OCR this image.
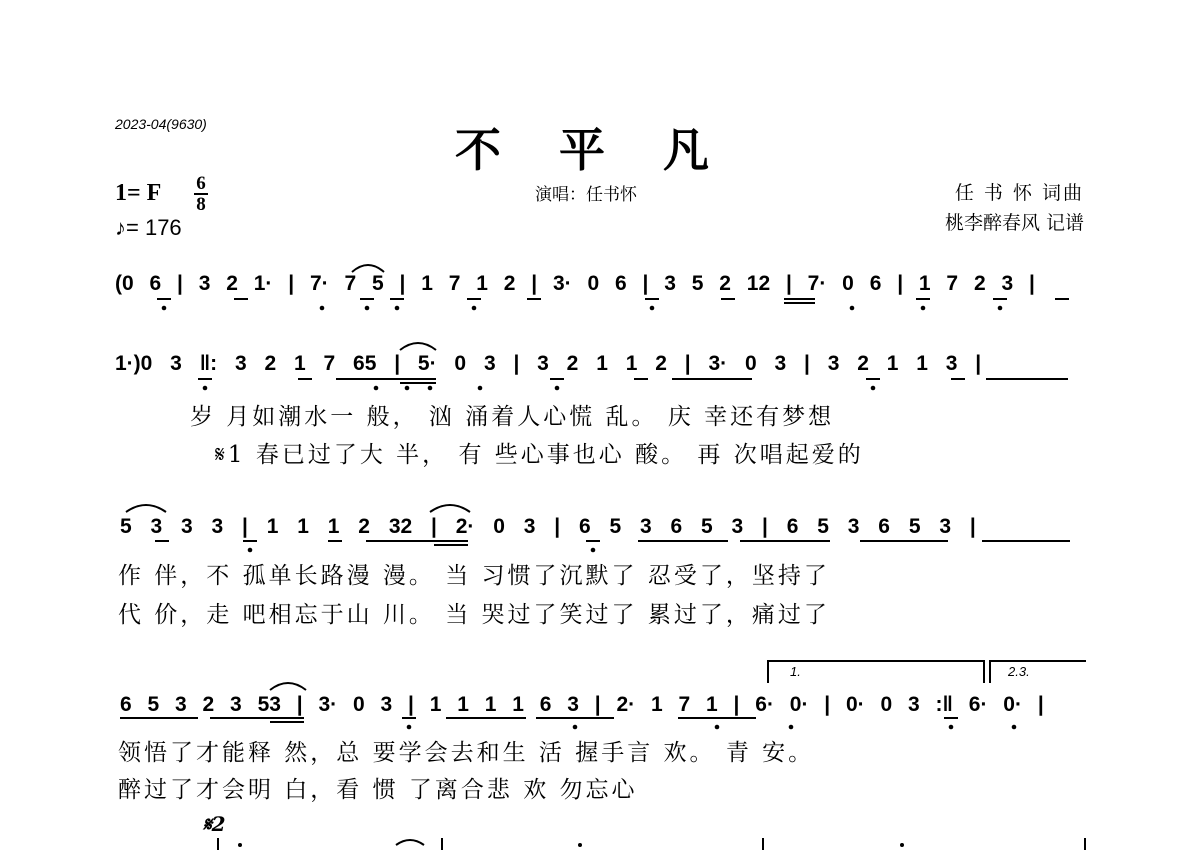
2023-04(9630)	不平凡
1= F 6
8
♪= 176
演唱：任书怀	任 书 怀 词曲
桃李醉春风 记谱
(0 6 | 3 2 1· | 7· 7 5 | 1 7 1 2 | 3· 0 6 | 3 5 2 12 | 7· 0 6 | 1 7 2 3 |
1·)0 3 ‖: 3 2 1 7 65 | 5· 0 3 | 3 2 1 1 2 | 3· 0 3 | 3 2 1 1 3 |
5 3 3 3 | 1 1 1 2 32 | 2· 0 3 | 6 5 3 6 5 3 | 6 5 3 6 5 3 |
6 5 3 2 3 53 | 3· 0 3 | 1 1 1 1 6 3 | 2· 1 7 1 | 6· 0· | 0· 0 3 :‖ 6· 0· |
1.	2.3.
𝄋2
岁 月如潮水一 般， 汹 涌着人心慌 乱。 庆 幸还有梦想
𝄋1 春已过了大 半， 有 些心事也心 酸。 再 次唱起爱的
作 伴，不 孤单长路漫 漫。 当 习惯了沉默了 忍受了，坚持了
代 价，走 吧相忘于山 川。 当 哭过了笑过了 累过了，痛过了
领悟了才能释 然，总 要学会去和生 活 握手言 欢。 青 安。
醉过了才会明 白，看 惯 了离合悲 欢 勿忘心
